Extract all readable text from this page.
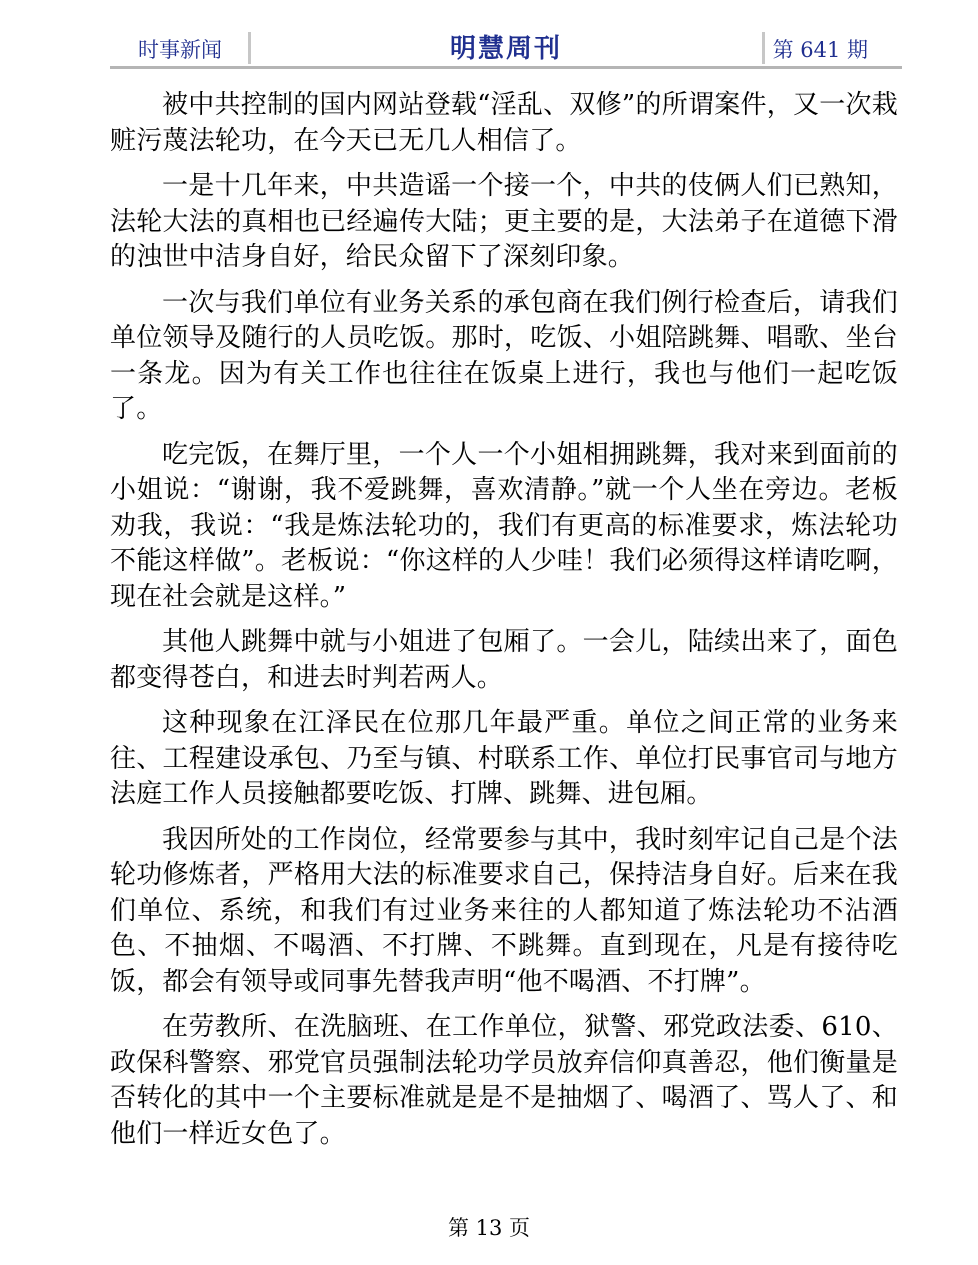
时事新闻	明慧周刊	第 641 期

被中共控制的国内网站登载“淫乱、双修”的所谓案件，又一次栽赃污蔑法轮功，在今天已无几人相信了。

一是十几年来，中共造谣一个接一个，中共的伎俩人们已熟知，法轮大法的真相也已经遍传大陆；更主要的是，大法弟子在道德下滑的浊世中洁身自好，给民众留下了深刻印象。

一次与我们单位有业务关系的承包商在我们例行检查后，请我们单位领导及随行的人员吃饭。那时，吃饭、小姐陪跳舞、唱歌、坐台一条龙。因为有关工作也往往在饭桌上进行，我也与他们一起吃饭了。

吃完饭，在舞厅里，一个人一个小姐相拥跳舞，我对来到面前的小姐说：“谢谢，我不爱跳舞，喜欢清静。”就一个人坐在旁边。老板劝我，我说：“我是炼法轮功的，我们有更高的标准要求，炼法轮功不能这样做”。老板说：“你这样的人少哇！我们必须得这样请吃啊，现在社会就是这样。”

其他人跳舞中就与小姐进了包厢了。一会儿，陆续出来了，面色都变得苍白，和进去时判若两人。

这种现象在江泽民在位那几年最严重。单位之间正常的业务来往、工程建设承包、乃至与镇、村联系工作、单位打民事官司与地方法庭工作人员接触都要吃饭、打牌、跳舞、进包厢。

我因所处的工作岗位，经常要参与其中，我时刻牢记自己是个法轮功修炼者，严格用大法的标准要求自己，保持洁身自好。后来在我们单位、系统，和我们有过业务来往的人都知道了炼法轮功不沾酒色、不抽烟、不喝酒、不打牌、不跳舞。直到现在，凡是有接待吃饭，都会有领导或同事先替我声明“他不喝酒、不打牌”。

在劳教所、在洗脑班、在工作单位，狱警、邪党政法委、610、政保科警察、邪党官员强制法轮功学员放弃信仰真善忍，他们衡量是否转化的其中一个主要标准就是是不是抽烟了、喝酒了、骂人了、和他们一样近女色了。

第 13 页
